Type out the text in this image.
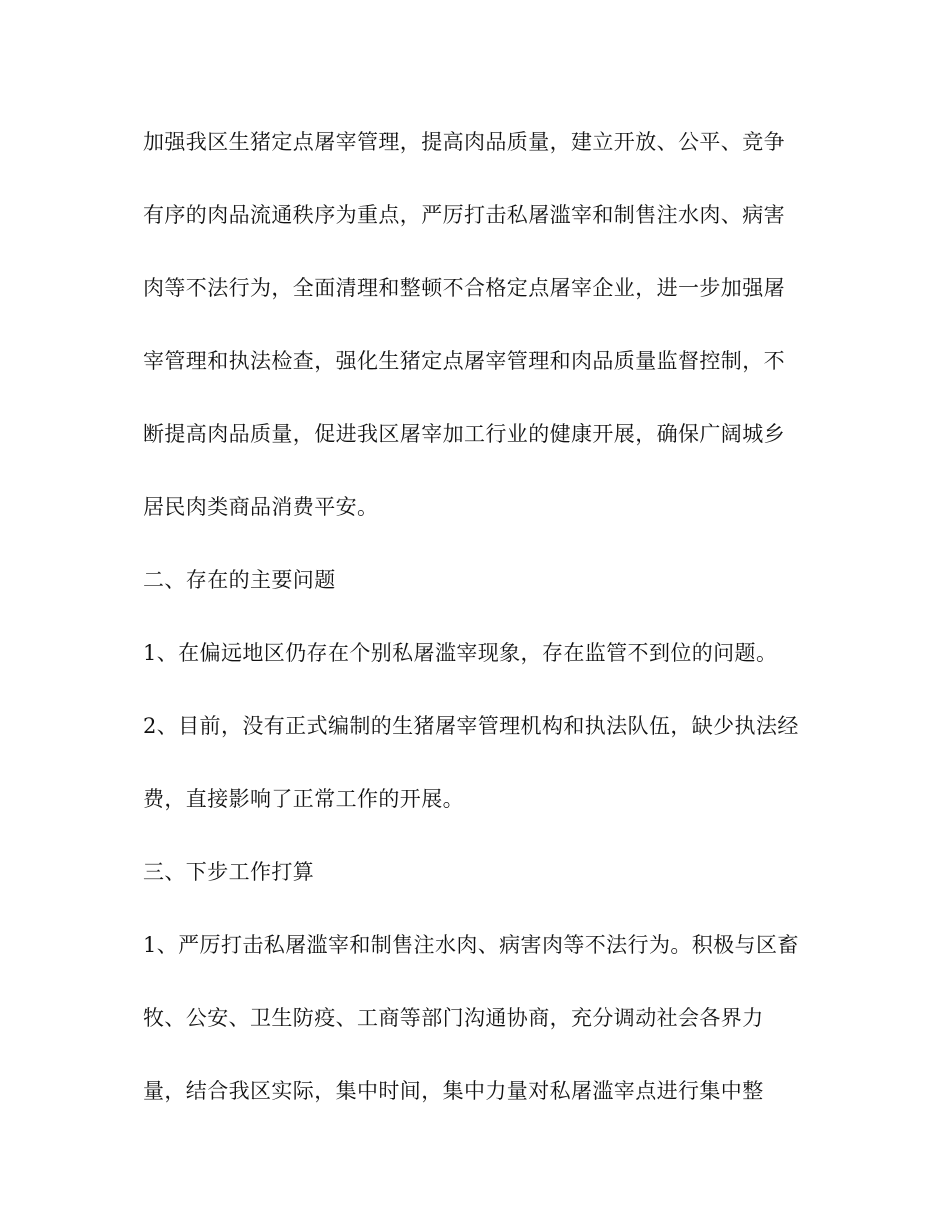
加强我区生猪定点屠宰管理，提高肉品质量，建立开放、公平、竞争
有序的肉品流通秩序为重点，严厉打击私屠滥宰和制售注水肉、病害
肉等不法行为，全面清理和整顿不合格定点屠宰企业，进一步加强屠
宰管理和执法检查，强化生猪定点屠宰管理和肉品质量监督控制，不
断提高肉品质量，促进我区屠宰加工行业的健康开展，确保广阔城乡
居民肉类商品消费平安。
二、存在的主要问题
1、在偏远地区仍存在个别私屠滥宰现象，存在监管不到位的问题。
2、目前，没有正式编制的生猪屠宰管理机构和执法队伍，缺少执法经
费，直接影响了正常工作的开展。
三、下步工作打算
1、严厉打击私屠滥宰和制售注水肉、病害肉等不法行为。积极与区畜
牧、公安、卫生防疫、工商等部门沟通协商，充分调动社会各界力
量，结合我区实际，集中时间，集中力量对私屠滥宰点进行集中整
